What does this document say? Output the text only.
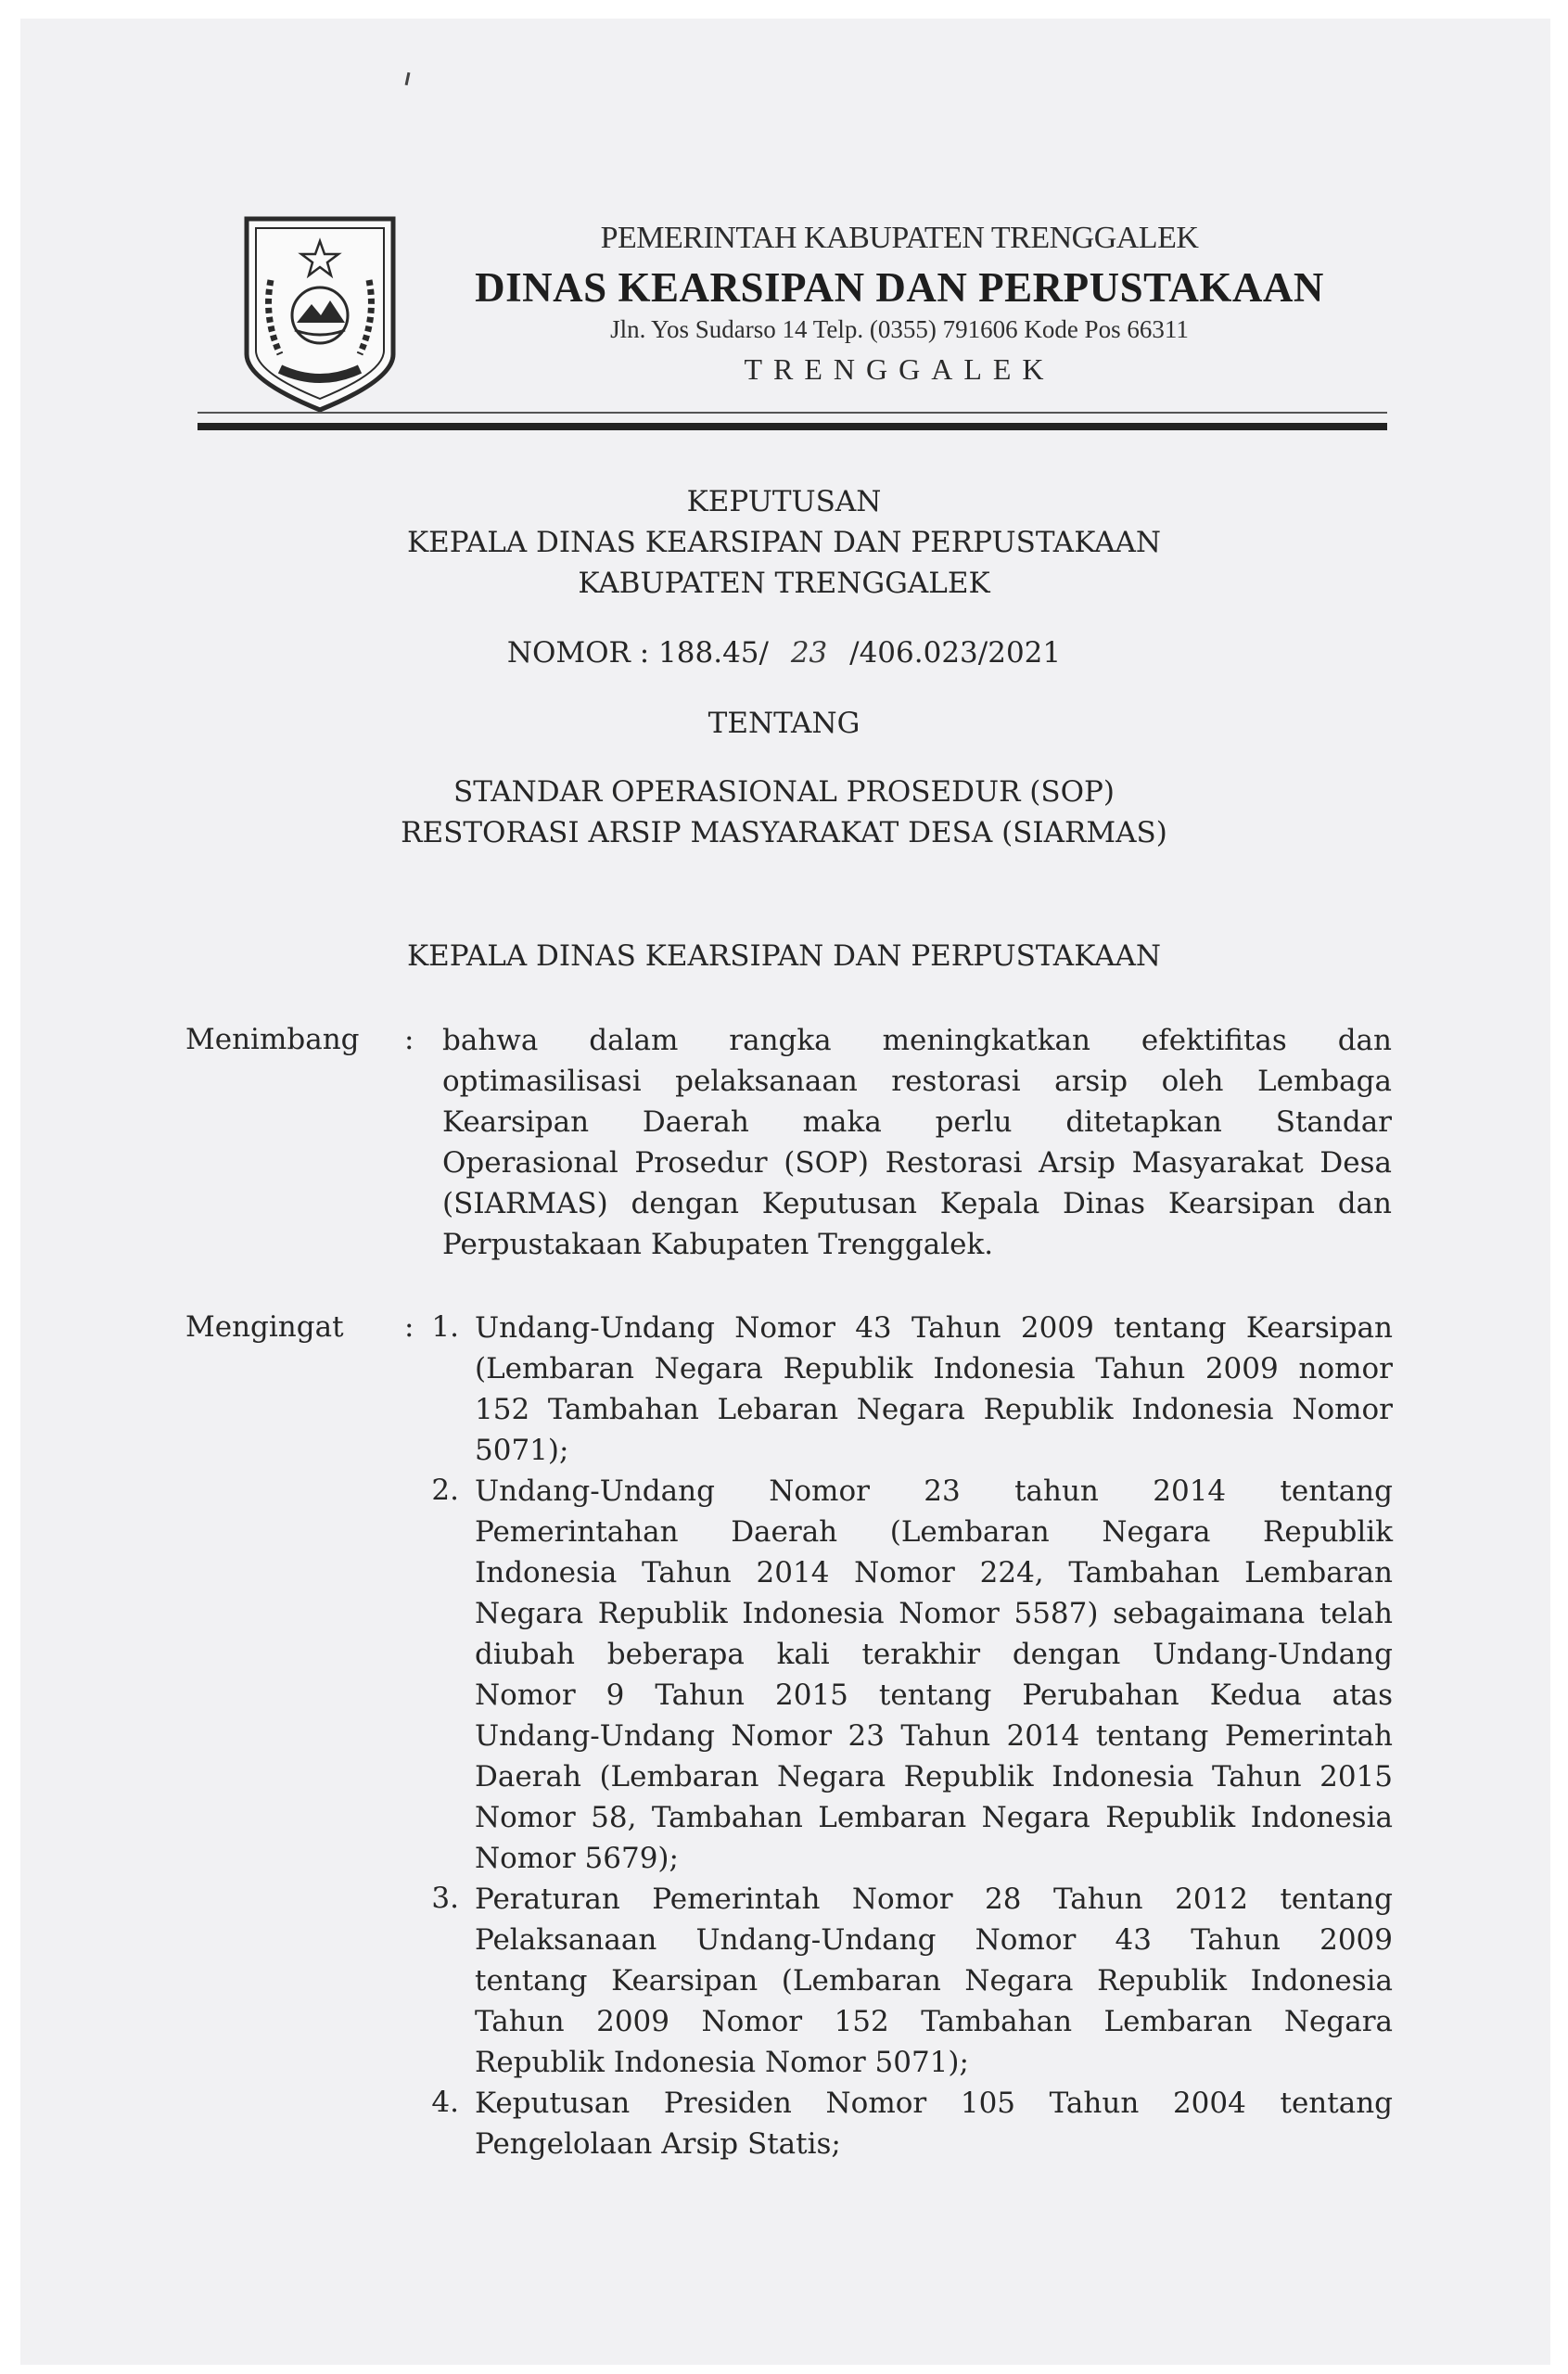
PEMERINTAH KABUPATEN TRENGGALEK
DINAS KEARSIPAN DAN PERPUSTAKAAN
Jln. Yos Sudarso 14 Telp. (0355) 791606 Kode Pos 66311
TRENGGALEK
KEPUTUSAN
KEPALA DINAS KEARSIPAN DAN PERPUSTAKAAN
KABUPATEN TRENGGALEK
NOMOR : 188.45/ 23 /406.023/2021
TENTANG
STANDAR OPERASIONAL PROSEDUR (SOP)
RESTORASI ARSIP MASYARAKAT DESA (SIARMAS)
KEPALA DINAS KEARSIPAN DAN PERPUSTAKAAN
Menimbang : bahwa dalam rangka meningkatkan efektifitas dan
optimasilisasi pelaksanaan restorasi arsip oleh Lembaga
Kearsipan Daerah maka perlu ditetapkan Standar
Operasional Prosedur (SOP) Restorasi Arsip Masyarakat Desa
(SIARMAS) dengan Keputusan Kepala Dinas Kearsipan dan
Perpustakaan Kabupaten Trenggalek.
Mengingat : 1. Undang-Undang Nomor 43 Tahun 2009 tentang Kearsipan
(Lembaran Negara Republik Indonesia Tahun 2009 nomor
152 Tambahan Lebaran Negara Republik Indonesia Nomor
5071);
2. Undang-Undang Nomor 23 tahun 2014 tentang
Pemerintahan Daerah (Lembaran Negara Republik
Indonesia Tahun 2014 Nomor 224, Tambahan Lembaran
Negara Republik Indonesia Nomor 5587) sebagaimana telah
diubah beberapa kali terakhir dengan Undang-Undang
Nomor 9 Tahun 2015 tentang Perubahan Kedua atas
Undang-Undang Nomor 23 Tahun 2014 tentang Pemerintah
Daerah (Lembaran Negara Republik Indonesia Tahun 2015
Nomor 58, Tambahan Lembaran Negara Republik Indonesia
Nomor 5679);
3. Peraturan Pemerintah Nomor 28 Tahun 2012 tentang
Pelaksanaan Undang-Undang Nomor 43 Tahun 2009
tentang Kearsipan (Lembaran Negara Republik Indonesia
Tahun 2009 Nomor 152 Tambahan Lembaran Negara
Republik Indonesia Nomor 5071);
4. Keputusan Presiden Nomor 105 Tahun 2004 tentang
Pengelolaan Arsip Statis;
